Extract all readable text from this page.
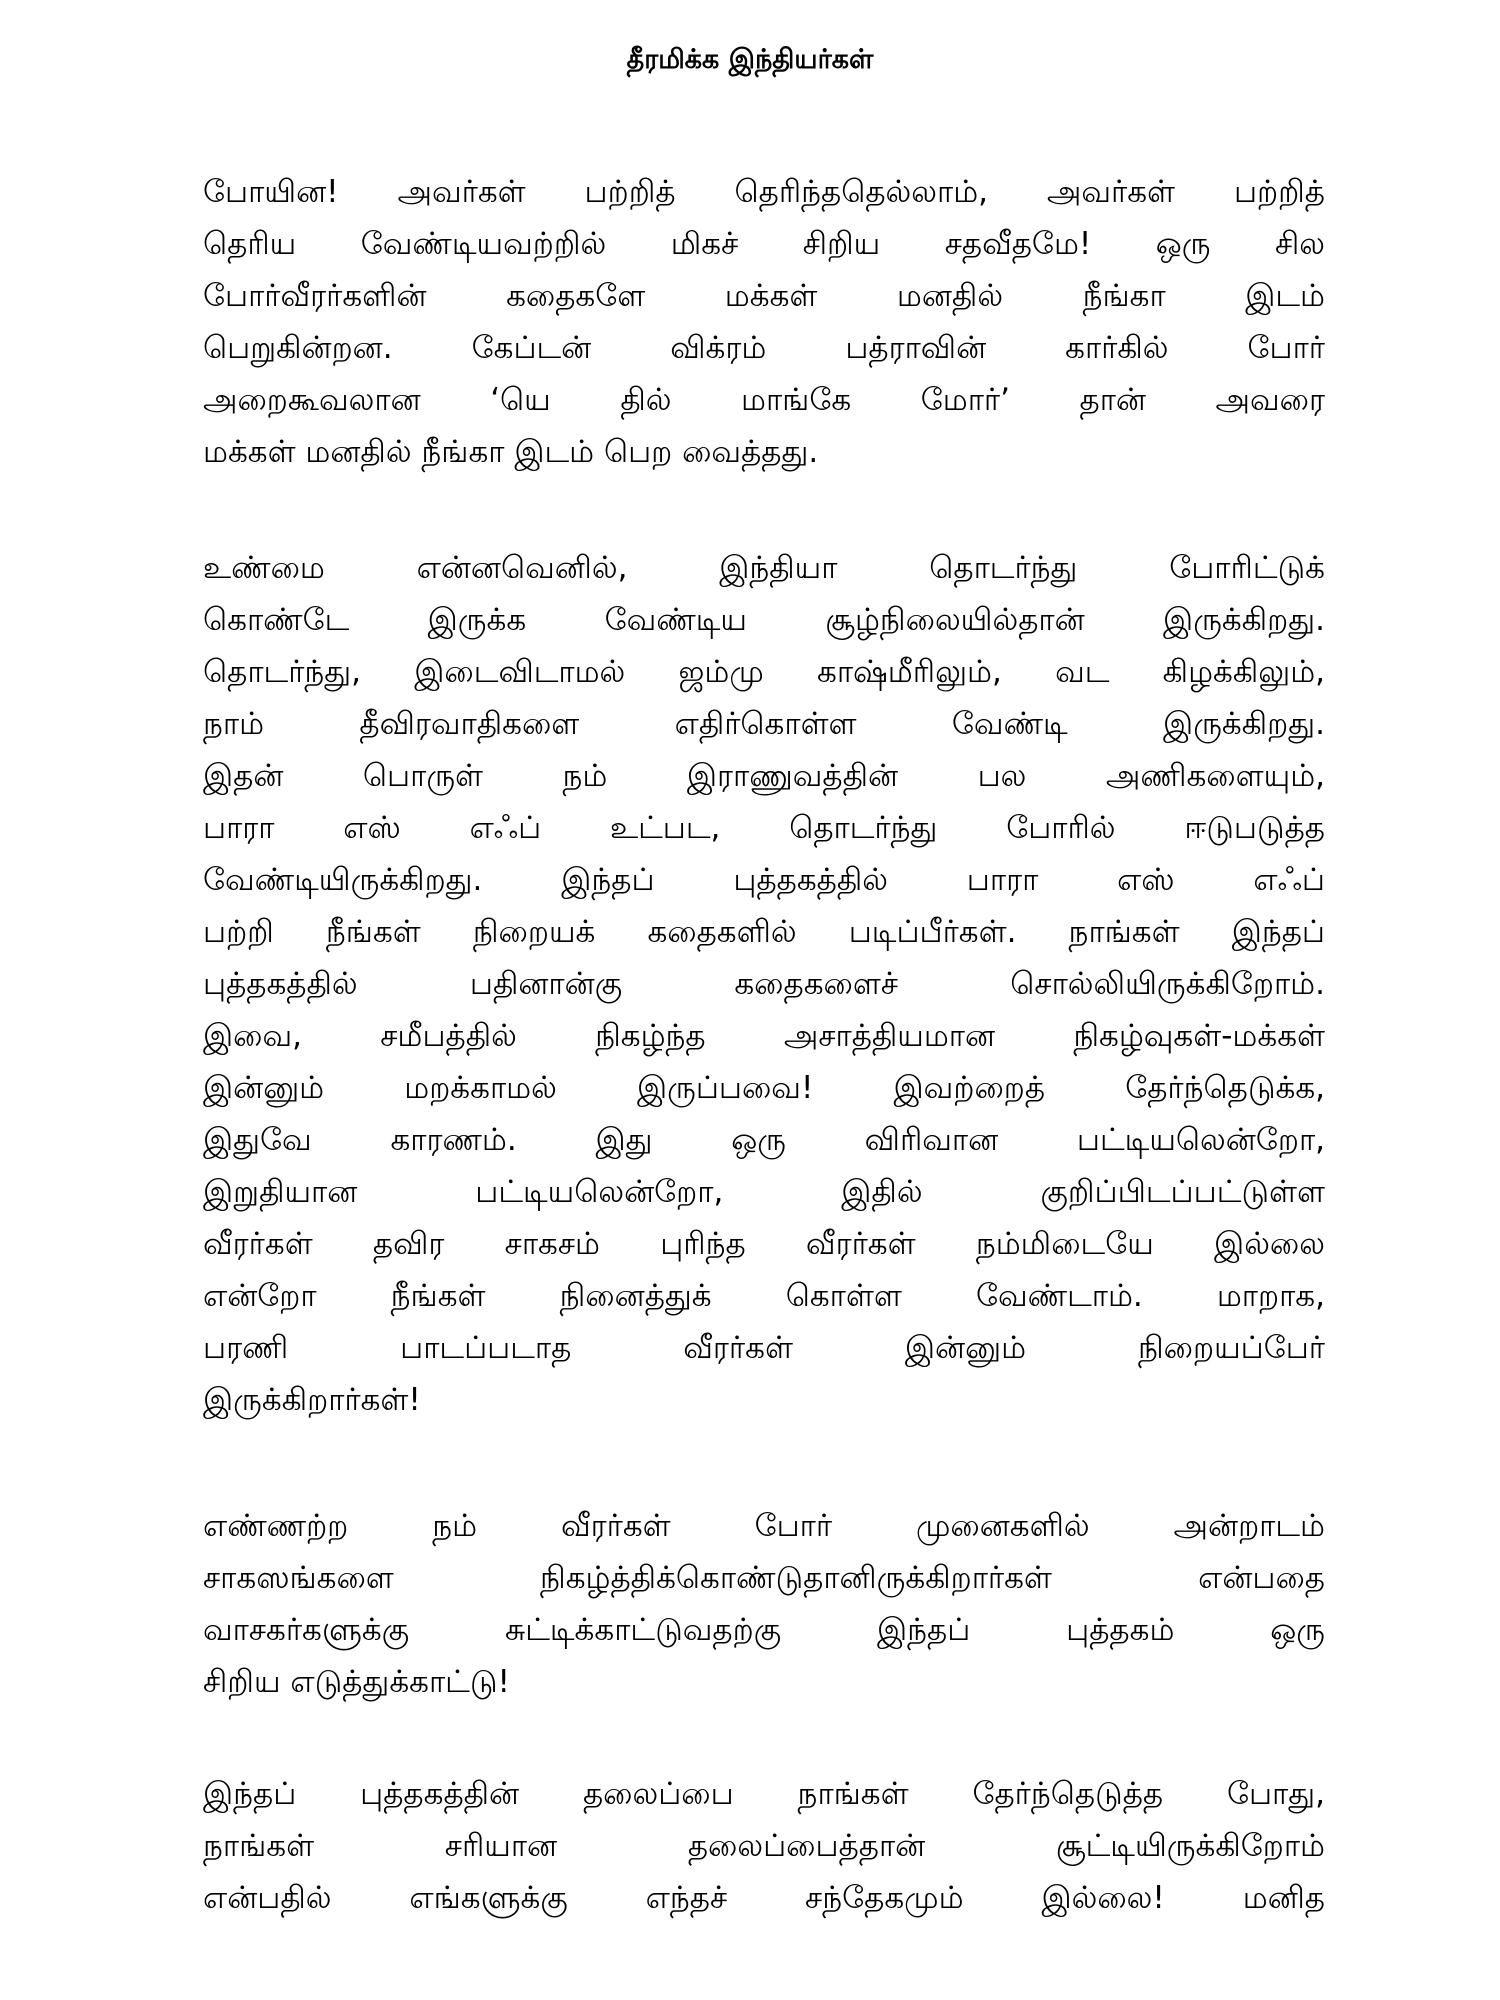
தீரமிக்க இந்தியர்கள்

போயின! அவர்கள் பற்றித் தெரிந்ததெல்லாம், அவர்கள் பற்றித்
தெரிய வேண்டியவற்றில் மிகச் சிறிய சதவீதமே! ஒரு சில
போர்வீரர்களின் கதைகளே மக்கள் மனதில் நீங்கா இடம்
பெறுகின்றன. கேப்டன் விக்ரம் பத்ராவின் கார்கில் போர்
அறைகூவலான ‘யெ தில் மாங்கே மோர்’ தான் அவரை
மக்கள் மனதில் நீங்கா இடம் பெற வைத்தது.

உண்மை என்னவெனில், இந்தியா தொடர்ந்து போரிட்டுக்
கொண்டே இருக்க வேண்டிய சூழ்நிலையில்தான் இருக்கிறது.
தொடர்ந்து, இடைவிடாமல் ஜம்மு காஷ்மீரிலும், வட கிழக்கிலும்,
நாம் தீவிரவாதிகளை எதிர்கொள்ள வேண்டி இருக்கிறது.
இதன் பொருள் நம் இராணுவத்தின் பல அணிகளையும்,
பாரா எஸ் எஃப் உட்பட, தொடர்ந்து போரில் ஈடுபடுத்த
வேண்டியிருக்கிறது. இந்தப் புத்தகத்தில் பாரா எஸ் எஃப்
பற்றி நீங்கள் நிறையக் கதைகளில் படிப்பீர்கள். நாங்கள் இந்தப்
புத்தகத்தில் பதினான்கு கதைகளைச் சொல்லியிருக்கிறோம்.
இவை, சமீபத்தில் நிகழ்ந்த அசாத்தியமான நிகழ்வுகள்-மக்கள்
இன்னும் மறக்காமல் இருப்பவை! இவற்றைத் தேர்ந்தெடுக்க,
இதுவே காரணம். இது ஒரு விரிவான பட்டியலென்றோ,
இறுதியான பட்டியலென்றோ, இதில் குறிப்பிடப்பட்டுள்ள
வீரர்கள் தவிர சாகசம் புரிந்த வீரர்கள் நம்மிடையே இல்லை
என்றோ நீங்கள் நினைத்துக் கொள்ள வேண்டாம். மாறாக,
பரணி பாடப்படாத வீரர்கள் இன்னும் நிறையப்பேர்
இருக்கிறார்கள்!

எண்ணற்ற நம் வீரர்கள் போர் முனைகளில் அன்றாடம்
சாகஸங்களை நிகழ்த்திக்கொண்டுதானிருக்கிறார்கள் என்பதை
வாசகர்களுக்கு சுட்டிக்காட்டுவதற்கு இந்தப் புத்தகம் ஒரு
சிறிய எடுத்துக்காட்டு!

இந்தப் புத்தகத்தின் தலைப்பை நாங்கள் தேர்ந்தெடுத்த போது,
நாங்கள் சரியான தலைப்பைத்தான் சூட்டியிருக்கிறோம்
என்பதில் எங்களுக்கு எந்தச் சந்தேகமும் இல்லை! மனித
